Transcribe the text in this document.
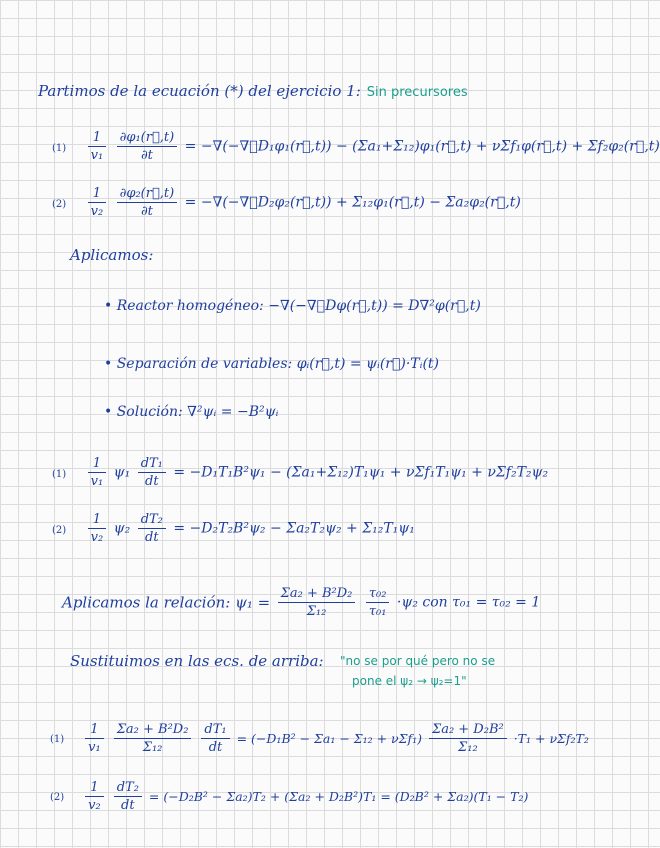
Partimos de la ecuación (*) del ejercicio 1: Sin precursores
$(1) \frac{1}{\text{v₁}}$
$\frac{\text{∂φ₁(r⃗,t)}}{\partial t}$ = −∇(−∇⃗D₁φ₁(r⃗,t)) − (Σa₁+Σ₁₂)φ₁(r⃗,t) + νΣf₁φ(r⃗,t) + Σf₂φ₂(r⃗,t)
$(2) \frac{1}{\text{v₂}}$
$\frac{\text{∂φ₂(r⃗,t)}}{\partial t}$ = −∇(−∇⃗D₂φ₂(r⃗,t)) + Σ₁₂φ₁(r⃗,t) − Σa₂φ₂(r⃗,t)
Aplicamos:
• Reactor homogéneo: −∇(−∇⃗Dφ(r⃗,t)) = D∇²φ(r⃗,t)
• Separación de variables: φᵢ(r⃗,t) = ψᵢ(r⃗)·Tᵢ(t)
• Solución: ∇²ψᵢ = −B²ψᵢ
$(1) \frac{1}{\text{v₁}} \psi_1 \frac{\text{dT₁}}{dt} = -D_1T_1B^2\psi_1 - (\Sigma a_1+\Sigma_{12})T_1\psi_1 + \nu\Sigma f_1T_1\psi_1 + \nu\Sigma f_2T_2\psi_2$
$(2) \frac{1}{\text{v₂}} \psi_2 \frac{\text{dT₂}}{dt} = -D_2T_2B^2\psi_2 - \Sigma a_2T_2\psi_2 + \Sigma_{12}T_1\psi_1$
Aplicamos la relación: $\psi_1 = \frac{\text{Σa₂ + B²D₂}}{\text{Σ₁₂}}$
$\frac{\text{τ₀₂}}{\text{τ₀₁}} \cdot\psi_2$ con τ₀₁ = τ₀₂ = 1
Sustituimos en las ecs. de arriba: "no se por qué pero no se
pone el ψ₂ → ψ₂=1"
$(1) \frac{1}{\text{v₁}}$
$\frac{\text{Σa₂ + B²D₂}}{\text{Σ₁₂}}$
$\frac{\text{dT₁}}{dt} = (-D_1B^2 - \Sigma a_1 - \Sigma_{12} + \nu\Sigma f_1) \frac{\text{Σa₂ + D₂B²}}{\text{Σ₁₂}} \cdot T_1 + \nu\Sigma f_2T_2$
$(2) \frac{1}{\text{v₂}}$
$\frac{\text{dT₂}}{dt} = (-D_2B^2 - \Sigma a_2)T_2 + (\Sigma a_2 + D_2B^2)T_1 = (D_2B^2 + \Sigma a_2)(T_1 - T_2)$
